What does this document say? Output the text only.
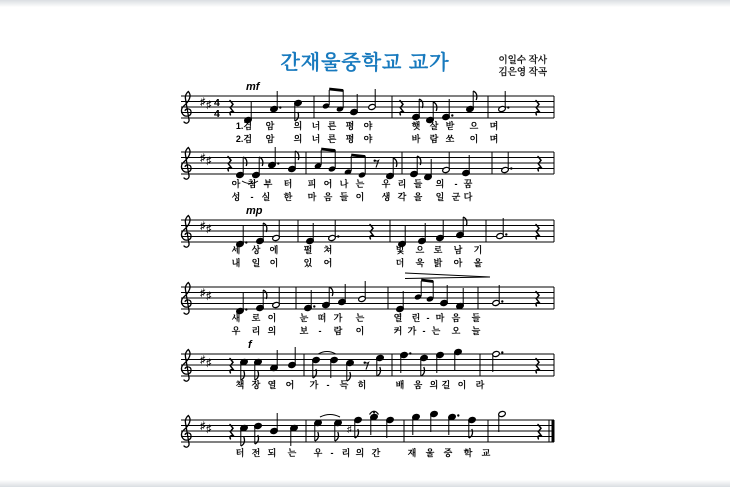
간재울중학교 교가	이일수 작사
김은영 작곡
♯ ♯ 4
4
mf
1.검 암 의 너 른 평 야	햇 살 받 으 며
2.검 암 의 너 른 평 야	바 람 쏘 이 며
♯ ♯
아 침 부 터 피 어 나 는 우 리 들 의 - 꿈
성 - 실 한 마 음 들 이 생 각 을 일 군 다
♯ ♯
mp
세 상 에	펼 쳐	빛 으 로 남 기
내 일 이	있 어	더 욱 밝 아 올
♯ ♯
새 로 이	눈 떠 가 는	열 린 - 마 음 들
우 리 의	보 - 람 이	커 가 - 는 오 늘
♯ ♯
f
책 장 열 어 가 - 득 히	배 움 의 길 이 라
♯ ♯	♯
터 전 되 는 우 - 리 의 간	재 울 중 학 교
